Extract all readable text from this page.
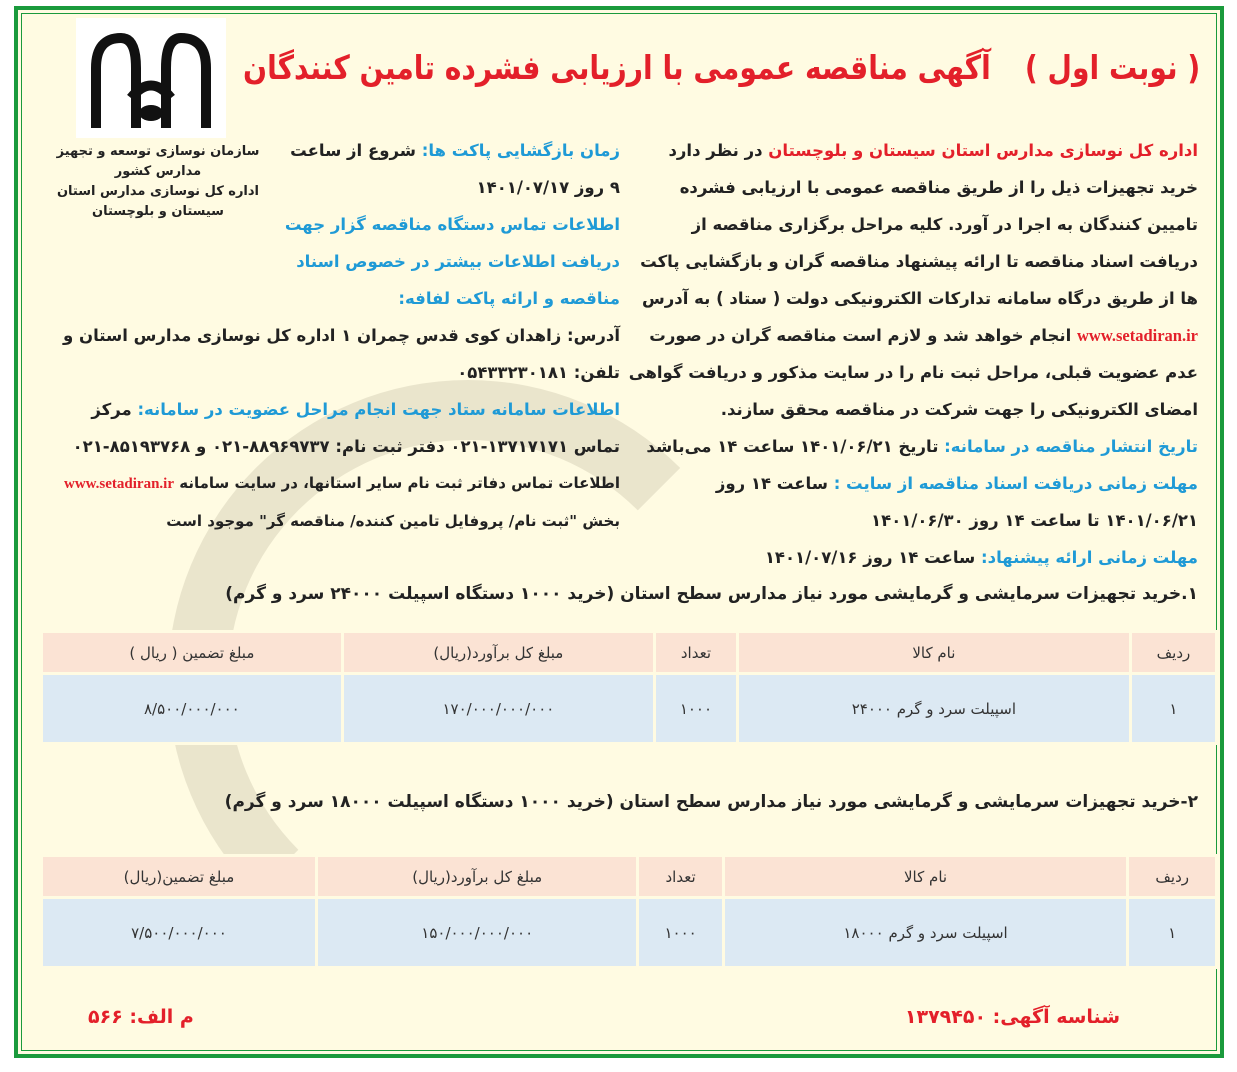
سازمان نوسازی توسعه و تجهیز مدارس کشور
اداره کل نوسازی مدارس استان سیستان و بلوچستان
( نوبت اول )آگهی مناقصه عمومی با ارزیابی فشرده تامین کنندگان
اداره کل نوسازی مدارس استان سیستان و بلوچستان در نظر دارد خرید تجهیزات ذیل را از طریق مناقصه عمومی با ارزیابی فشرده تامیین کنندگان به اجرا در آورد. کلیه مراحل برگزاری مناقصه از دریافت اسناد مناقصه تا ارائه پیشنهاد مناقصه گران و بازگشایی پاکت ها از طریق درگاه سامانه تدارکات الکترونیکی دولت ( ستاد ) به آدرس www.setadiran.ir انجام خواهد شد و لازم است مناقصه گران در صورت عدم عضویت قبلی، مراحل ثبت نام را در سایت مذکور و دریافت گواهی امضای الکترونیکی را جهت شرکت در مناقصه محقق سازند.
تاریخ انتشار مناقصه در سامانه: تاریخ ۱۴۰۱/۰۶/۲۱ ساعت ۱۴ می‌باشد
مهلت زمانی دریافت اسناد مناقصه از سایت : ساعت ۱۴ روز ۱۴۰۱/۰۶/۲۱ تا ساعت ۱۴ روز ۱۴۰۱/۰۶/۳۰
مهلت زمانی ارائه پیشنهاد: ساعت ۱۴ روز ۱۴۰۱/۰۷/۱۶
زمان بازگشایی پاکت ها: شروع از ساعت ۹ روز ۱۴۰۱/۰۷/۱۷
اطلاعات تماس دستگاه مناقصه گزار جهت دریافت اطلاعات بیشتر در خصوص اسناد مناقصه و ارائه پاکت لفافه:
آدرس: زاهدان کوی قدس چمران ۱ اداره کل نوسازی مدارس استان و تلفن: ۰۵۴۳۳۲۳۰۱۸۱
اطلاعات سامانه ستاد جهت انجام مراحل عضویت در سامانه: مرکز تماس ۱۳۷۱۷۱۷۱-۰۲۱ دفتر ثبت نام: ۸۸۹۶۹۷۳۷-۰۲۱ و ۸۵۱۹۳۷۶۸-۰۲۱
اطلاعات تماس دفاتر ثبت نام سایر استانها، در سایت سامانه www.setadiran.ir بخش "ثبت نام/ پروفایل تامین کننده/ مناقصه گر" موجود است
۱.خرید تجهیزات سرمایشی و گرمایشی مورد نیاز مدارس سطح استان (خرید ۱۰۰۰ دستگاه اسپیلت ۲۴۰۰۰ سرد و گرم)
ردیف	نام کالا	تعداد	مبلغ کل برآورد(ریال)	مبلغ تضمین ( ریال )
۱	اسپیلت سرد و گرم ۲۴۰۰۰	۱۰۰۰	۱۷۰/۰۰۰/۰۰۰/۰۰۰	۸/۵۰۰/۰۰۰/۰۰۰
۲-خرید تجهیزات سرمایشی و گرمایشی مورد نیاز مدارس سطح استان (خرید ۱۰۰۰ دستگاه اسپیلت ۱۸۰۰۰ سرد و گرم)
ردیف	نام کالا	تعداد	مبلغ کل برآورد(ریال)	مبلغ تضمین(ریال)
۱	اسپیلت سرد و گرم ۱۸۰۰۰	۱۰۰۰	۱۵۰/۰۰۰/۰۰۰/۰۰۰	۷/۵۰۰/۰۰۰/۰۰۰
شناسه آگهی: ۱۳۷۹۴۵۰
م الف: ۵۶۶
